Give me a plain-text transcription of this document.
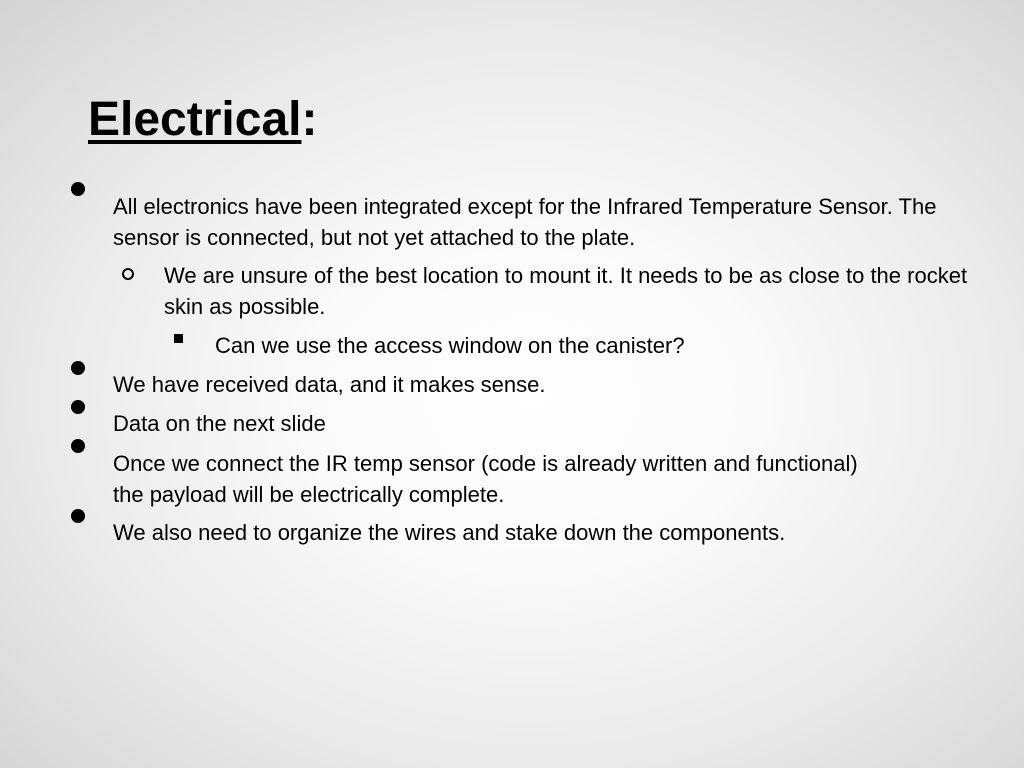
Electrical:
All electronics have been integrated except for the Infrared Temperature Sensor. The sensor is connected, but not yet attached to the plate.
We are unsure of the best location to mount it. It needs to be as close to the rocket skin as possible.
Can we use the access window on the canister?
We have received data, and it makes sense.
Data on the next slide
Once we connect the IR temp sensor (code is already written and functional) the payload will be electrically complete.
We also need to organize the wires and stake down the components.
